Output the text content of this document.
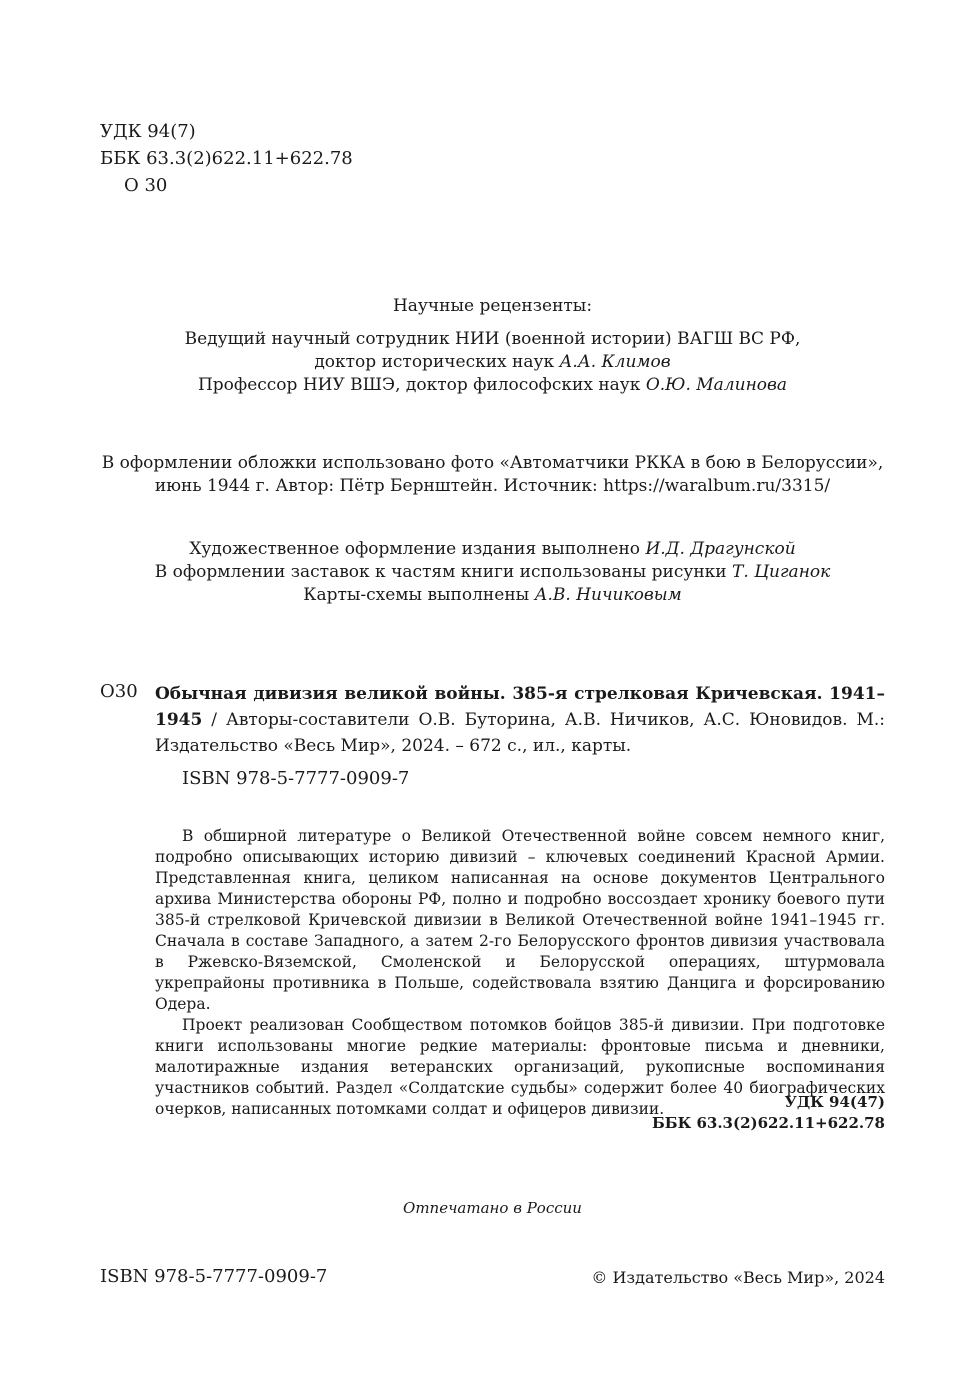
УДК 94(7)
ББК 63.3(2)622.11+622.78
О 30

Научные рецензенты:

Ведущий научный сотрудник НИИ (военной истории) ВАГШ ВС РФ,

доктор исторических наук А.А. Климов

Профессор НИУ ВШЭ, доктор философских наук О.Ю. Малинова

В оформлении обложки использовано фото «Автоматчики РККА в бою в Белоруссии»,

июнь 1944 г. Автор: Пётр Бернштейн. Источник: https://waralbum.ru/3315/

Художественное оформление издания выполнено И.Д. Драгунской

В оформлении заставок к частям книги использованы рисунки Т. Циганок

Карты-схемы выполнены А.В. Ничиковым

О30 Обычная дивизия великой войны. 385-я стрелковая Кричевская. 1941–1945 / Авторы-составители О.В. Буторина, А.В. Ничиков, А.С. Юновидов. М.: Издательство «Весь Мир», 2024. – 672 с., ил., карты.
ISBN 978-5-7777-0909-7

В обширной литературе о Великой Отечественной войне совсем немного книг, подробно описывающих историю дивизий – ключевых соединений Красной Армии. Представленная книга, целиком написанная на основе документов Центрального архива Министерства обороны РФ, полно и подробно воссоздает хронику боевого пути 385-й стрелковой Кричевской дивизии в Великой Отечественной войне 1941–1945 гг. Сначала в составе Западного, а затем 2-го Белорусского фронтов дивизия участвовала в Ржевско-Вяземской, Смоленской и Белорусской операциях, штурмовала укрепрайоны противника в Польше, содействовала взятию Данцига и форсированию Одера.

Проект реализован Сообществом потомков бойцов 385-й дивизии. При подготовке книги использованы многие редкие материалы: фронтовые письма и дневники, малотиражные издания ветеранских организаций, рукописные воспоминания участников событий. Раздел «Солдатские судьбы» содержит более 40 биографических очерков, написанных потомками солдат и офицеров дивизии.	УДК 94(47)
ББК 63.3(2)622.11+622.78
Отпечатано в России
ISBN 978-5-7777-0909-7	© Издательство «Весь Мир», 2024
